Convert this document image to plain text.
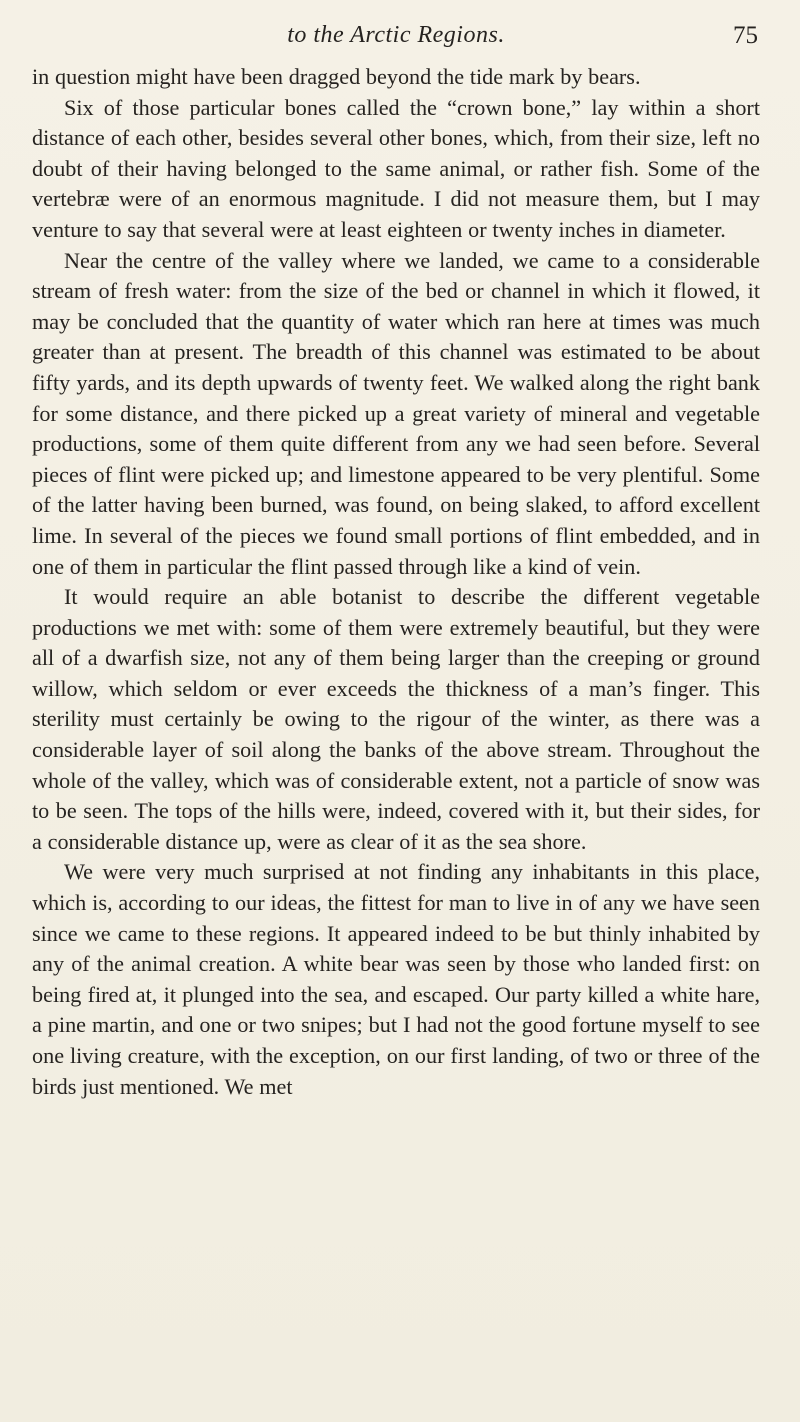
to the Arctic Regions.	75

in question might have been dragged beyond the tide mark by bears.

Six of those particular bones called the “crown bone,” lay within a short distance of each other, besides several other bones, which, from their size, left no doubt of their having belonged to the same animal, or rather fish. Some of the vertebræ were of an enormous magnitude. I did not measure them, but I may venture to say that several were at least eighteen or twenty inches in diameter.

Near the centre of the valley where we landed, we came to a considerable stream of fresh water: from the size of the bed or channel in which it flowed, it may be concluded that the quantity of water which ran here at times was much greater than at present. The breadth of this channel was estimated to be about fifty yards, and its depth upwards of twenty feet. We walked along the right bank for some distance, and there picked up a great variety of mineral and vegetable productions, some of them quite different from any we had seen before. Several pieces of flint were picked up; and limestone appeared to be very plentiful. Some of the latter having been burned, was found, on being slaked, to afford excellent lime. In several of the pieces we found small portions of flint embedded, and in one of them in particular the flint passed through like a kind of vein.

It would require an able botanist to describe the different vegetable productions we met with: some of them were extremely beautiful, but they were all of a dwarfish size, not any of them being larger than the creeping or ground willow, which seldom or ever exceeds the thickness of a man’s finger. This sterility must certainly be owing to the rigour of the winter, as there was a considerable layer of soil along the banks of the above stream. Throughout the whole of the valley, which was of considerable extent, not a particle of snow was to be seen. The tops of the hills were, indeed, covered with it, but their sides, for a considerable distance up, were as clear of it as the sea shore.

We were very much surprised at not finding any inhabitants in this place, which is, according to our ideas, the fittest for man to live in of any we have seen since we came to these regions. It appeared indeed to be but thinly inhabited by any of the animal creation. A white bear was seen by those who landed first: on being fired at, it plunged into the sea, and escaped. Our party killed a white hare, a pine martin, and one or two snipes; but I had not the good fortune myself to see one living creature, with the exception, on our first landing, of two or three of the birds just mentioned. We met
